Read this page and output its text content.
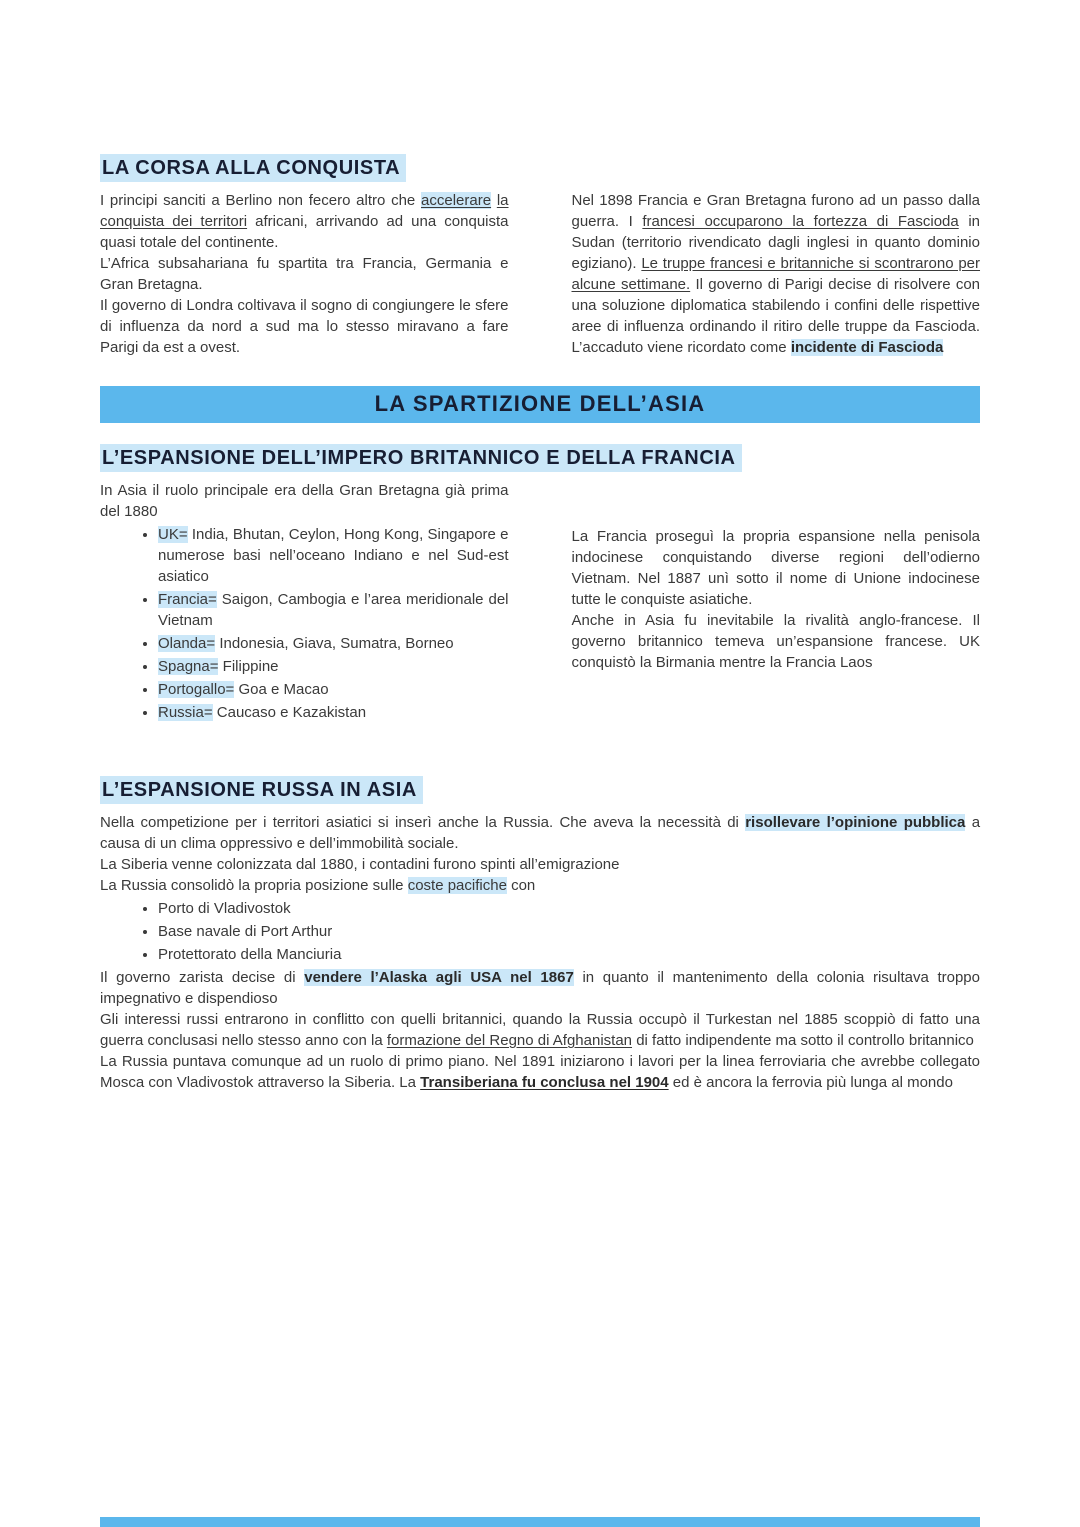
LA CORSA ALLA CONQUISTA

I principi sanciti a Berlino non fecero altro che accelerare la conquista dei territori africani, arrivando ad una conquista quasi totale del continente.

L’Africa subsahariana fu spartita tra Francia, Germania e Gran Bretagna.

Il governo di Londra coltivava il sogno di congiungere le sfere di influenza da nord a sud ma lo stesso miravano a fare Parigi da est a ovest.

Nel 1898 Francia e Gran Bretagna furono ad un passo dalla guerra. I francesi occuparono la fortezza di Fascioda in Sudan (territorio rivendicato dagli inglesi in quanto dominio egiziano). Le truppe francesi e britanniche si scontrarono per alcune settimane. Il governo di Parigi decise di risolvere con una soluzione diplomatica stabilendo i confini delle rispettive aree di influenza ordinando il ritiro delle truppe da Fascioda. L’accaduto viene ricordato come incidente di Fascioda

LA SPARTIZIONE DELL’ASIA
L’ESPANSIONE DELL’IMPERO BRITANNICO E DELLA FRANCIA

In Asia il ruolo principale era della Gran Bretagna già prima del 1880

• UK= India, Bhutan, Ceylon, Hong Kong, Singapore e numerose basi nell’oceano Indiano e nel Sud-est asiatico
• Francia= Saigon, Cambogia e l’area meridionale del Vietnam
• Olanda= Indonesia, Giava, Sumatra, Borneo
• Spagna= Filippine
• Portogallo= Goa e Macao
• Russia= Caucaso e Kazakistan

La Francia proseguì la propria espansione nella penisola indocinese conquistando diverse regioni dell’odierno Vietnam. Nel 1887 unì sotto il nome di Unione indocinese tutte le conquiste asiatiche.

Anche in Asia fu inevitabile la rivalità anglo-francese. Il governo britannico temeva un’espansione francese. UK conquistò la Birmania mentre la Francia Laos

L’ESPANSIONE RUSSA IN ASIA

Nella competizione per i territori asiatici si inserì anche la Russia. Che aveva la necessità di risollevare l’opinione pubblica a causa di un clima oppressivo e dell’immobilità sociale.

La Siberia venne colonizzata dal 1880, i contadini furono spinti all’emigrazione

La Russia consolidò la propria posizione sulle coste pacifiche con

• Porto di Vladivostok
• Base navale di Port Arthur
• Protettorato della Manciuria

Il governo zarista decise di vendere l’Alaska agli USA nel 1867 in quanto il mantenimento della colonia risultava troppo impegnativo e dispendioso

Gli interessi russi entrarono in conflitto con quelli britannici, quando la Russia occupò il Turkestan nel 1885 scoppiò di fatto una guerra conclusasi nello stesso anno con la formazione del Regno di Afghanistan di fatto indipendente ma sotto il controllo britannico

La Russia puntava comunque ad un ruolo di primo piano. Nel 1891 iniziarono i lavori per la linea ferroviaria che avrebbe collegato Mosca con Vladivostok attraverso la Siberia. La Transiberiana fu conclusa nel 1904 ed è ancora la ferrovia più lunga al mondo
